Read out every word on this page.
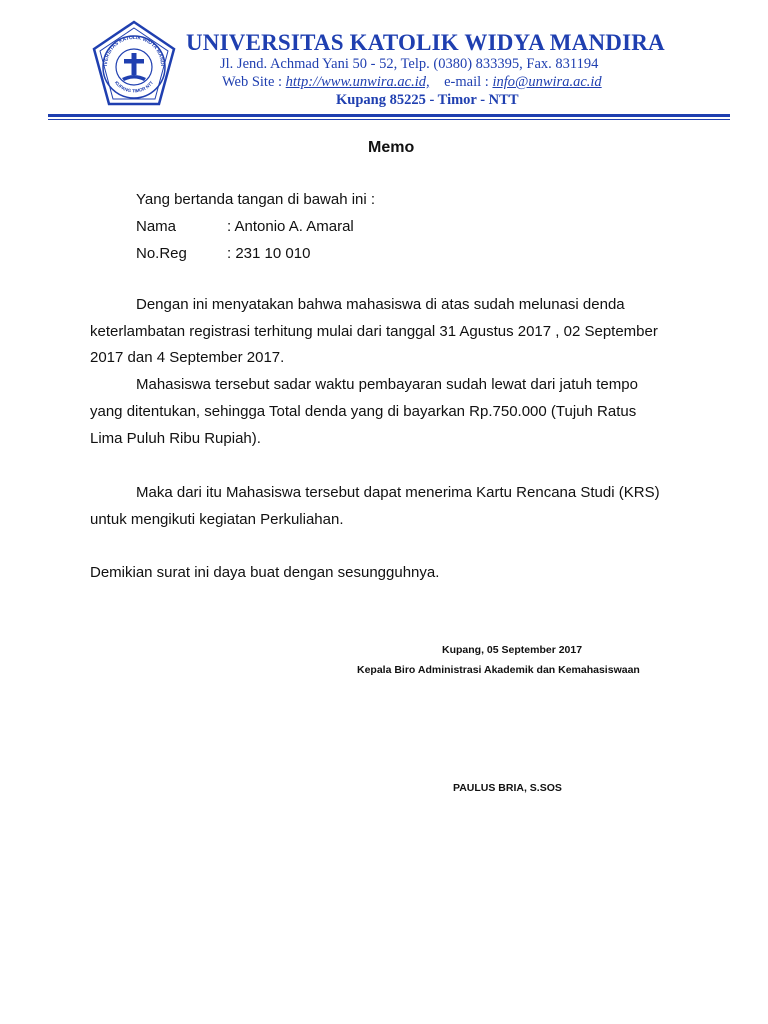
IVERSITAS KATOLIK WIDYA MANDI
KUPANG TIMOR NTT
UNIVERSITAS KATOLIK WIDYA MANDIRA
Jl. Jend. Achmad Yani 50 - 52, Telp. (0380) 833395, Fax. 831194
Web Site : http://www.unwira.ac.id, e-mail : info@unwira.ac.id
Kupang 85225 - Timor - NTT
Memo
Yang bertanda tangan di bawah ini :
Nama	: Antonio A. Amaral
No.Reg	: 231 10 010
Dengan ini menyatakan bahwa mahasiswa di atas sudah melunasi denda
keterlambatan registrasi terhitung mulai dari tanggal 31 Agustus 2017 , 02 September
2017 dan 4 September 2017.
Mahasiswa tersebut sadar waktu pembayaran sudah lewat dari jatuh tempo
yang ditentukan, sehingga Total denda yang di bayarkan Rp.750.000 (Tujuh Ratus
Lima Puluh Ribu Rupiah).
Maka dari itu Mahasiswa tersebut dapat menerima Kartu Rencana Studi (KRS)
untuk mengikuti kegiatan Perkuliahan.
Demikian surat ini daya buat dengan sesungguhnya.
Kupang, 05 September 2017
Kepala Biro Administrasi Akademik dan Kemahasiswaan
PAULUS BRIA, S.SOS
